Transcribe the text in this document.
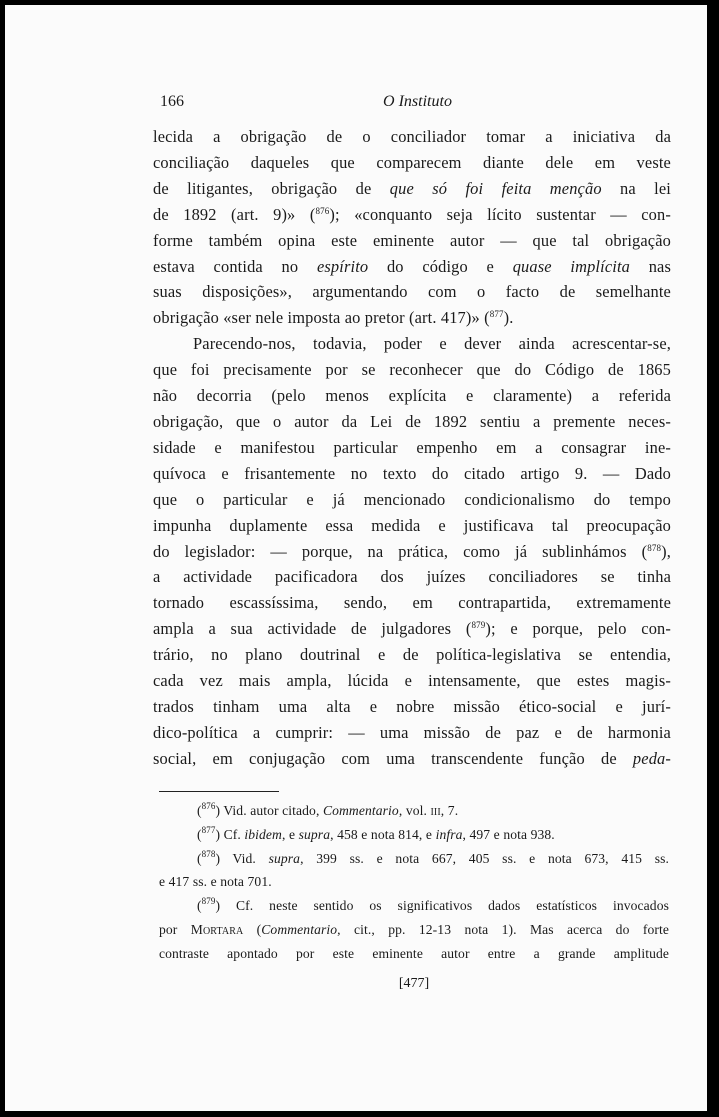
166	O Instituto

lecida a obrigação de o conciliador tomar a iniciativa da

conciliação daqueles que comparecem diante dele em veste

de litigantes, obrigação de que só foi feita menção na lei

de 1892 (art. 9)» ($^{876}$); «conquanto seja lícito sustentar — con-

forme também opina este eminente autor — que tal obrigação

estava contida no espírito do código e quase implícita nas

suas disposições», argumentando com o facto de semelhante

obrigação «ser nele imposta ao pretor (art. 417)» ($^{877}$).

Parecendo-nos, todavia, poder e dever ainda acrescentar-se,

que foi precisamente por se reconhecer que do Código de 1865

não decorria (pelo menos explícita e claramente) a referida

obrigação, que o autor da Lei de 1892 sentiu a premente neces-

sidade e manifestou particular empenho em a consagrar ine-

quívoca e frisantemente no texto do citado artigo 9. — Dado

que o particular e já mencionado condicionalismo do tempo

impunha duplamente essa medida e justificava tal preocupação

do legislador: — porque, na prática, como já sublinhámos ($^{878}$),

a actividade pacificadora dos juízes conciliadores se tinha

tornado escassíssima, sendo, em contrapartida, extremamente

ampla a sua actividade de julgadores ($^{879}$); e porque, pelo con-

trário, no plano doutrinal e de política-legislativa se entendia,

cada vez mais ampla, lúcida e intensamente, que estes magis-

trados tinham uma alta e nobre missão ético-social e jurí-

dico-política a cumprir: — uma missão de paz e de harmonia

social, em conjugação com uma transcendente função de peda-

($^{876}$) Vid. autor citado, Commentario, vol. iii, 7.

($^{877}$) Cf. ibidem, e supra, 458 e nota 814, e infra, 497 e nota 938.

($^{878}$) Vid. supra, 399 ss. e nota 667, 405 ss. e nota 673, 415 ss.

e 417 ss. e nota 701.

($^{879}$) Cf. neste sentido os significativos dados estatísticos invocados

por Mortara (Commentario, cit., pp. 12-13 nota 1). Mas acerca do forte

contraste apontado por este eminente autor entre a grande amplitude

[477]
